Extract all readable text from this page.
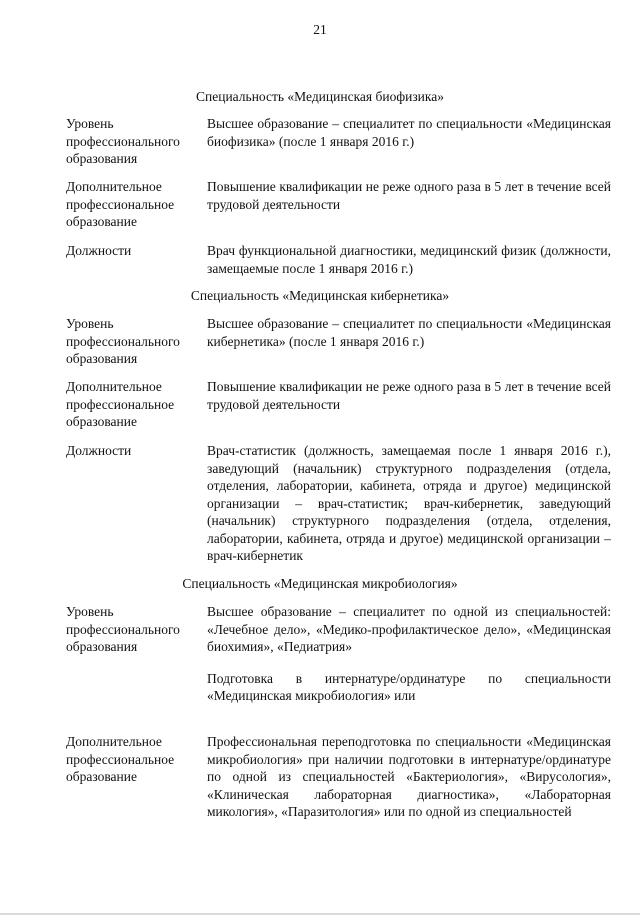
21
Специальность «Медицинская биофизика»
Уровень профессионального образования
Высшее образование – специалитет по специальности «Медицинская биофизика» (после 1 января 2016 г.)
Дополнительное профессиональное образование
Повышение квалификации не реже одного раза в 5 лет в течение всей трудовой деятельности
Должности	Врач функциональной диагностики, медицинский физик (должности, замещаемые после 1 января 2016 г.)
Специальность «Медицинская кибернетика»
Уровень профессионального образования
Высшее образование – специалитет по специальности «Медицинская кибернетика» (после 1 января 2016 г.)
Дополнительное профессиональное образование
Повышение квалификации не реже одного раза в 5 лет в течение всей трудовой деятельности
Должности	Врач-статистик (должность, замещаемая после 1 января 2016 г.), заведующий (начальник) структурного подразделения (отдела, отделения, лаборатории, кабинета, отряда и другое) медицинской организации – врач-статистик; врач-кибернетик, заведующий (начальник) структурного подразделения (отдела, отделения, лаборатории, кабинета, отряда и другое) медицинской организации – врач-кибернетик
Специальность «Медицинская микробиология»
Уровень профессионального образования
Высшее образование – специалитет по одной из специальностей: «Лечебное дело», «Медико-профилактическое дело», «Медицинская биохимия», «Педиатрия»
Подготовка в интернатуре/ординатуре по специальности «Медицинская микробиология» или
Дополнительное профессиональное образование
Профессиональная переподготовка по специальности «Медицинская микробиология» при наличии подготовки в интернатуре/ординатуре по одной из специальностей «Бактериология», «Вирусология», «Клиническая лабораторная диагностика», «Лабораторная микология», «Паразитология» или по одной из специальностей
